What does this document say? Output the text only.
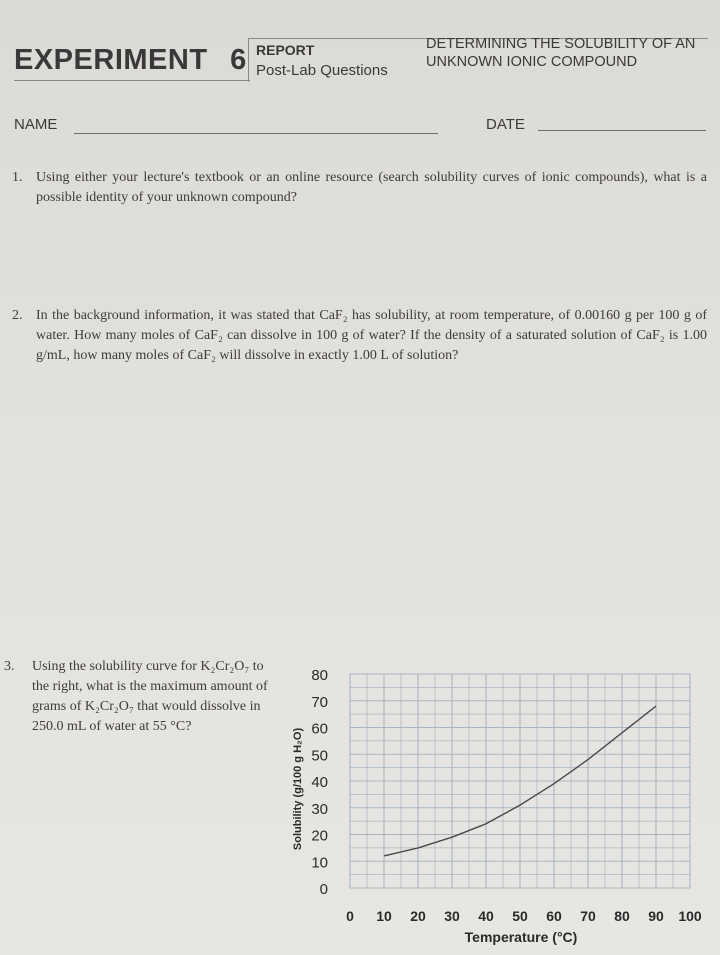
EXPERIMENT 6 REPORT
Post-Lab Questions
DETERMINING THE SOLUBILITY OF AN
UNKNOWN IONIC COMPOUND
NAME	DATE
1. Using either your lecture's textbook or an online resource (search solubility curves of ionic compounds), what is a possible identity of your unknown compound?
2. In the background information, it was stated that CaF₂ has solubility, at room temperature, of 0.00160 g per 100 g of water. How many moles of CaF₂ can dissolve in 100 g of water? If the density of a saturated solution of CaF₂ is 1.00 g/mL, how many moles of CaF₂ will dissolve in exactly 1.00 L of solution?
3. Using the solubility curve for K₂Cr₂O₇ to the right, what is the maximum amount of grams of K₂Cr₂O₇ that would dissolve in 250.0 mL of water at 55 °C?
0
10
20
30
40
50
60
70
80
0 10 20 30 40 50 60 70 80 90 100
Solubility (g/100 g H₂O)
Temperature (°C)
